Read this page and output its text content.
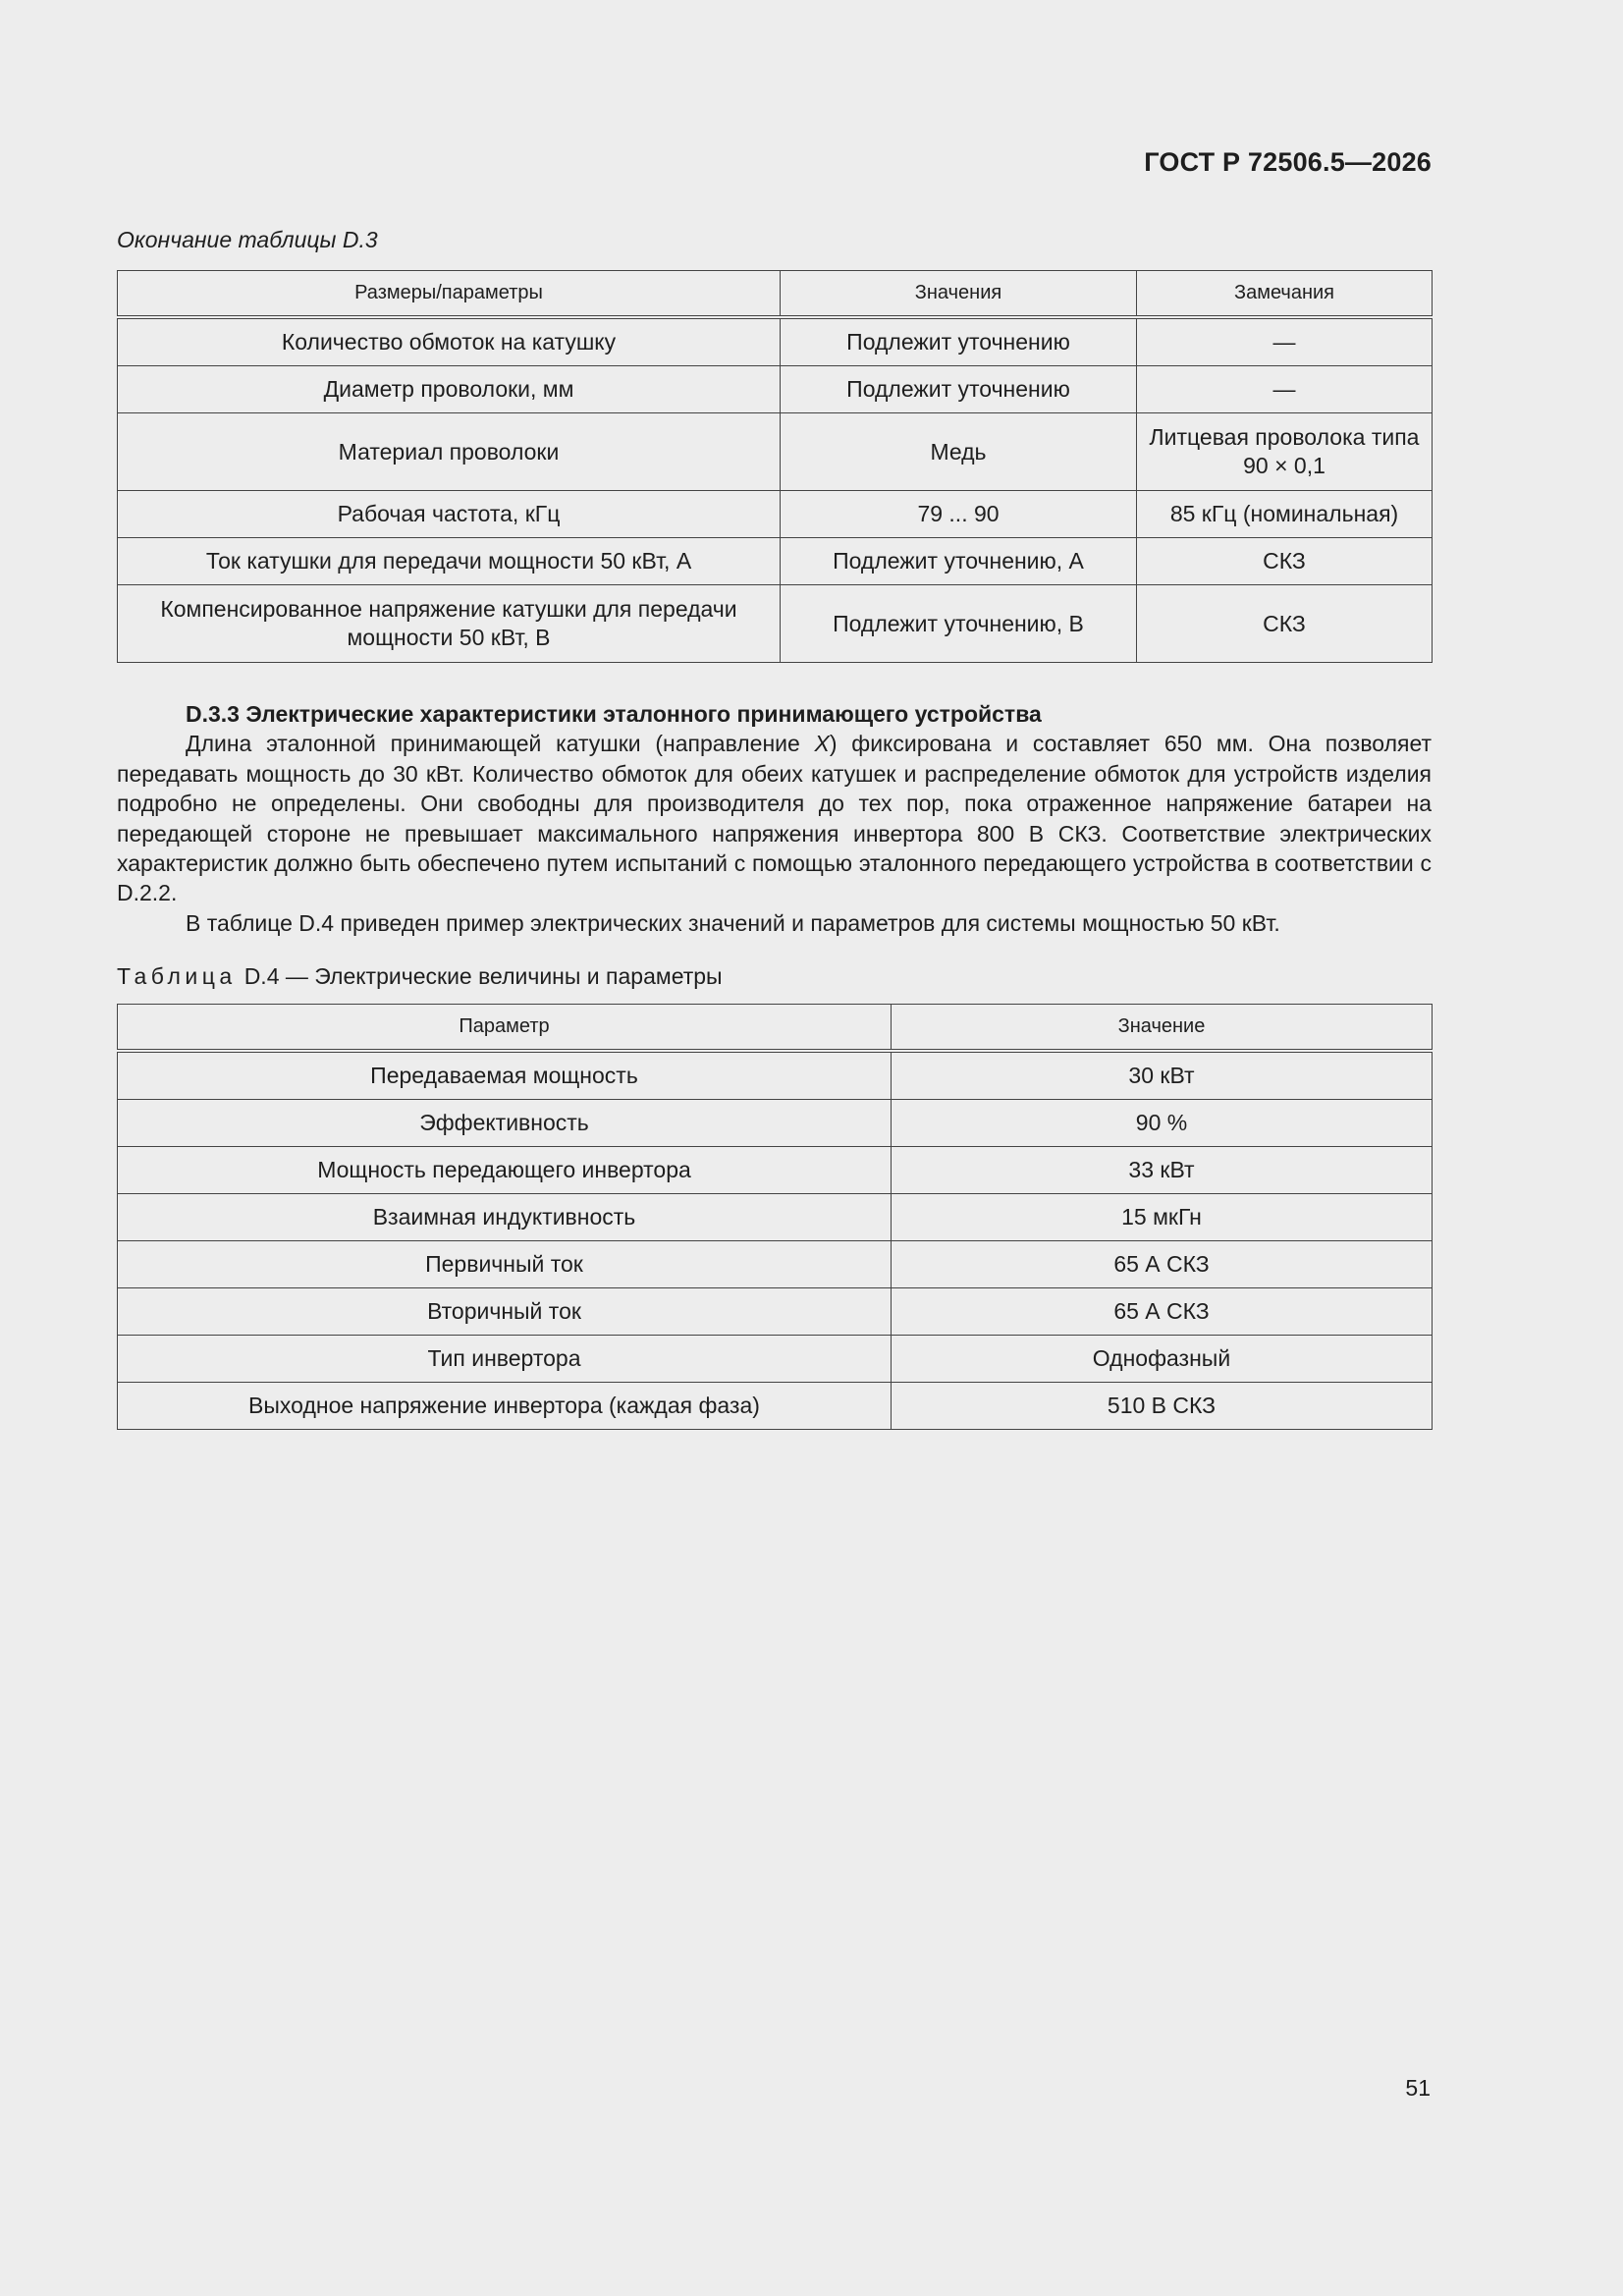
ГОСТ Р 72506.5—2026
Окончание таблицы D.3
Размеры/параметры	Значения	Замечания
Количество обмоток на катушку	Подлежит уточнению	—
Диаметр проволоки, мм	Подлежит уточнению	—
Материал проволоки	Медь	Литцевая проволока типа 90 × 0,1
Рабочая частота, кГц	79 ... 90	85 кГц (номинальная)
Ток катушки для передачи мощности 50 кВт, А	Подлежит уточнению, А	СКЗ
Компенсированное напряжение катушки для передачи мощности 50 кВт, В	Подлежит уточнению, В	СКЗ

D.3.3 Электрические характеристики эталонного принимающего устройства

Длина эталонной принимающей катушки (направление X) фиксирована и составляет 650 мм. Она позволяет передавать мощность до 30 кВт. Количество обмоток для обеих катушек и распределение обмоток для устройств изделия подробно не определены. Они свободны для производителя до тех пор, пока отраженное напряжение батареи на передающей стороне не превышает максимального напряжения инвертора 800 В СКЗ. Соответствие электрических характеристик должно быть обеспечено путем испытаний с помощью эталонного передающего устройства в соответствии с D.2.2.

В таблице D.4 приведен пример электрических значений и параметров для системы мощностью 50 кВт.

Таблица D.4 — Электрические величины и параметры
Параметр	Значение
Передаваемая мощность	30 кВт
Эффективность	90 %
Мощность передающего инвертора	33 кВт
Взаимная индуктивность	15 мкГн
Первичный ток	65 А СКЗ
Вторичный ток	65 А СКЗ
Тип инвертора	Однофазный
Выходное напряжение инвертора (каждая фаза)	510 В СКЗ
51
